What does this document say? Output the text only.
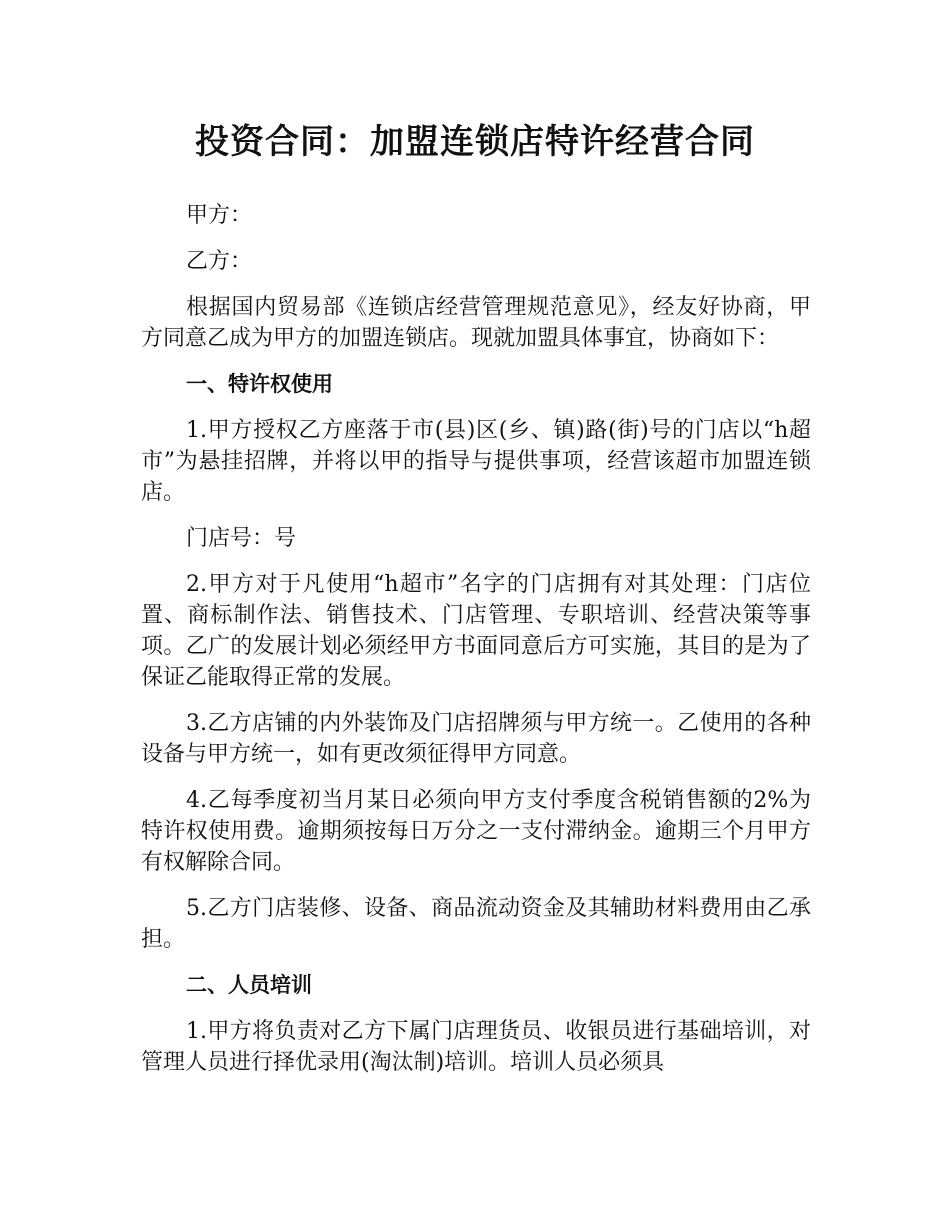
投资合同：加盟连锁店特许经营合同

甲方：

乙方：

根据国内贸易部《连锁店经营管理规范意见》，经友好协商，甲方同意乙成为甲方的加盟连锁店。现就加盟具体事宜，协商如下：

一、特许权使用

1.甲方授权乙方座落于市(县)区(乡、镇)路(街)号的门店以“h超市”为悬挂招牌，并将以甲的指导与提供事项，经营该超市加盟连锁店。

门店号：号

2.甲方对于凡使用“h超市”名字的门店拥有对其处理：门店位置、商标制作法、销售技术、门店管理、专职培训、经营决策等事项。乙广的发展计划必须经甲方书面同意后方可实施，其目的是为了保证乙能取得正常的发展。

3.乙方店铺的内外装饰及门店招牌须与甲方统一。乙使用的各种设备与甲方统一，如有更改须征得甲方同意。

4.乙每季度初当月某日必须向甲方支付季度含税销售额的2%为特许权使用费。逾期须按每日万分之一支付滞纳金。逾期三个月甲方有权解除合同。

5.乙方门店装修、设备、商品流动资金及其辅助材料费用由乙承担。

二、人员培训

1.甲方将负责对乙方下属门店理货员、收银员进行基础培训，对管理人员进行择优录用(淘汰制)培训。培训人员必须具
